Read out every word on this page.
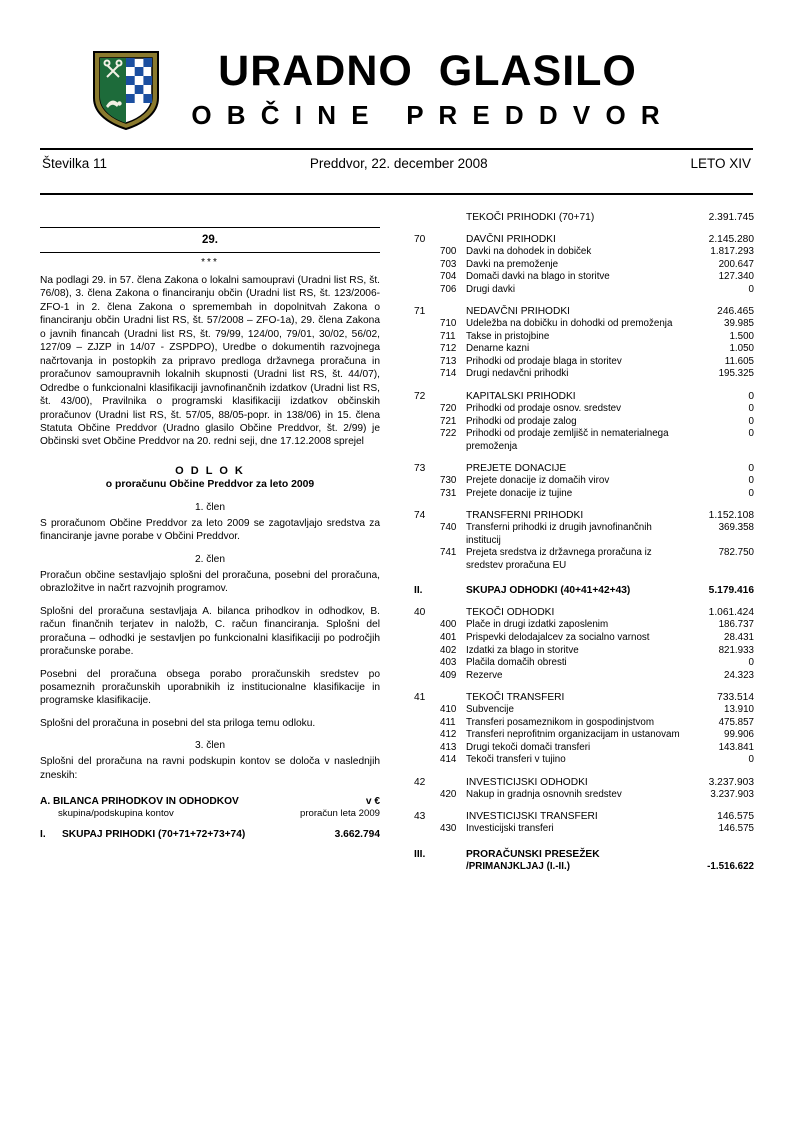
URADNO  GLASILO
O B Č I N E   P R E D D V O R
Številka 11	Preddvor, 22. december 2008	LETO XIV
29.
***

Na podlagi 29. in 57. člena Zakona o lokalni samoupravi (Uradni list RS, št. 76/08), 3. člena Zakona o financiranju občin (Uradni list RS, št. 123/2006-ZFO-1 in 2. člena Zakona o spremembah in dopolnitvah Zakona o financiranju občin Uradni list RS, št. 57/2008 – ZFO-1a), 29. člena Zakona o javnih financah (Uradni list RS, št. 79/99, 124/00, 79/01, 30/02, 56/02, 127/09 – ZJZP in 14/07 - ZSPDPO), Uredbe o dokumentih razvojnega načrtovanja in postopkih za pripravo predloga državnega proračuna in proračunov samoupravnih lokalnih skupnosti (Uradni list RS, št. 44/07), Odredbe o funkcionalni klasifikaciji javnofinančnih izdatkov (Uradni list RS, št. 43/00), Pravilnika o programski klasifikaciji izdatkov občinskih proračunov (Uradni list RS, št. 57/05, 88/05-popr. in 138/06) in 15. člena Statuta Občine Preddvor (Uradno glasilo Občine Preddvor, št. 2/99) je Občinski svet Občine Preddvor na 20. redni seji, dne 17.12.2008 sprejel

O D L O K
o proračunu Občine Preddvor za leto 2009
1. člen

S proračunom Občine Preddvor za leto 2009 se zagotavljajo sredstva za financiranje javne porabe v Občini Preddvor.

2. člen

Proračun občine sestavljajo splošni del proračuna, posebni del proračuna, obrazložitve in načrt razvojnih programov.

Splošni del proračuna sestavljaja A. bilanca prihodkov in odhodkov, B. račun finančnih terjatev in naložb, C. račun financiranja. Splošni del proračuna – odhodki je sestavljen po funkcionalni klasifikaciji po področjih proračunske porabe.

Posebni del proračuna obsega porabo proračunskih sredstev po posameznih proračunskih uporabnikih iz institucionalne klasifikacije in programske klasifikacije.

Splošni del proračuna in posebni del sta priloga temu odloku.

3. člen

Splošni del proračuna na ravni podskupin kontov se določa v naslednjih zneskih:

A. BILANCA PRIHODKOV IN ODHODKOV	v €
skupina/podskupina kontov	proračun leta 2009
I.	SKUPAJ PRIHODKI (70+71+72+73+74)	3.662.794
		TEKOČI PRIHODKI (70+71)	2.391.745
70		DAVČNI PRIHODKI	2.145.280
	700	Davki na dohodek in dobiček	1.817.293
	703	Davki na premoženje	200.647
	704	Domači davki na blago in storitve	127.340
	706	Drugi davki	0
71		NEDAVČNI PRIHODKI	246.465
	710	Udeležba na dobičku in dohodki od premoženja	39.985
	711	Takse in pristojbine	1.500
	712	Denarne kazni	1.050
	713	Prihodki od prodaje blaga in storitev	11.605
	714	Drugi nedavčni prihodki	195.325
72		KAPITALSKI PRIHODKI	0
	720	Prihodki od prodaje osnov. sredstev	0
	721	Prihodki od prodaje zalog	0
	722	Prihodki od prodaje zemljišč in nematerialnega premoženja	0
73		PREJETE DONACIJE	0
	730	Prejete donacije iz domačih virov	0
	731	Prejete donacije iz tujine	0
74		TRANSFERNI PRIHODKI	1.152.108
	740	Transferni prihodki iz drugih javnofinančnih institucij	369.358
	741	Prejeta sredstva iz državnega proračuna iz sredstev proračuna EU	782.750
II.		SKUPAJ ODHODKI (40+41+42+43)	5.179.416
40		TEKOČI ODHODKI	1.061.424
	400	Plače in drugi izdatki zaposlenim	186.737
	401	Prispevki delodajalcev za socialno varnost	28.431
	402	Izdatki za blago in storitve	821.933
	403	Plačila domačih obresti	0
	409	Rezerve	24.323
41		TEKOČI TRANSFERI	733.514
	410	Subvencije	13.910
	411	Transferi posameznikom in gospodinjstvom	475.857
	412	Transferi neprofitnim organizacijam in ustanovam	99.906
	413	Drugi tekoči domači transferi	143.841
	414	Tekoči transferi v tujino	0
42		INVESTICIJSKI ODHODKI	3.237.903
	420	Nakup in gradnja osnovnih sredstev	3.237.903
43		INVESTICIJSKI TRANSFERI	146.575
	430	Investicijski transferi	146.575
III.		PRORAČUNSKI PRESEŽEK	
		/PRIMANJKLJAJ (I.-II.)	-1.516.622
